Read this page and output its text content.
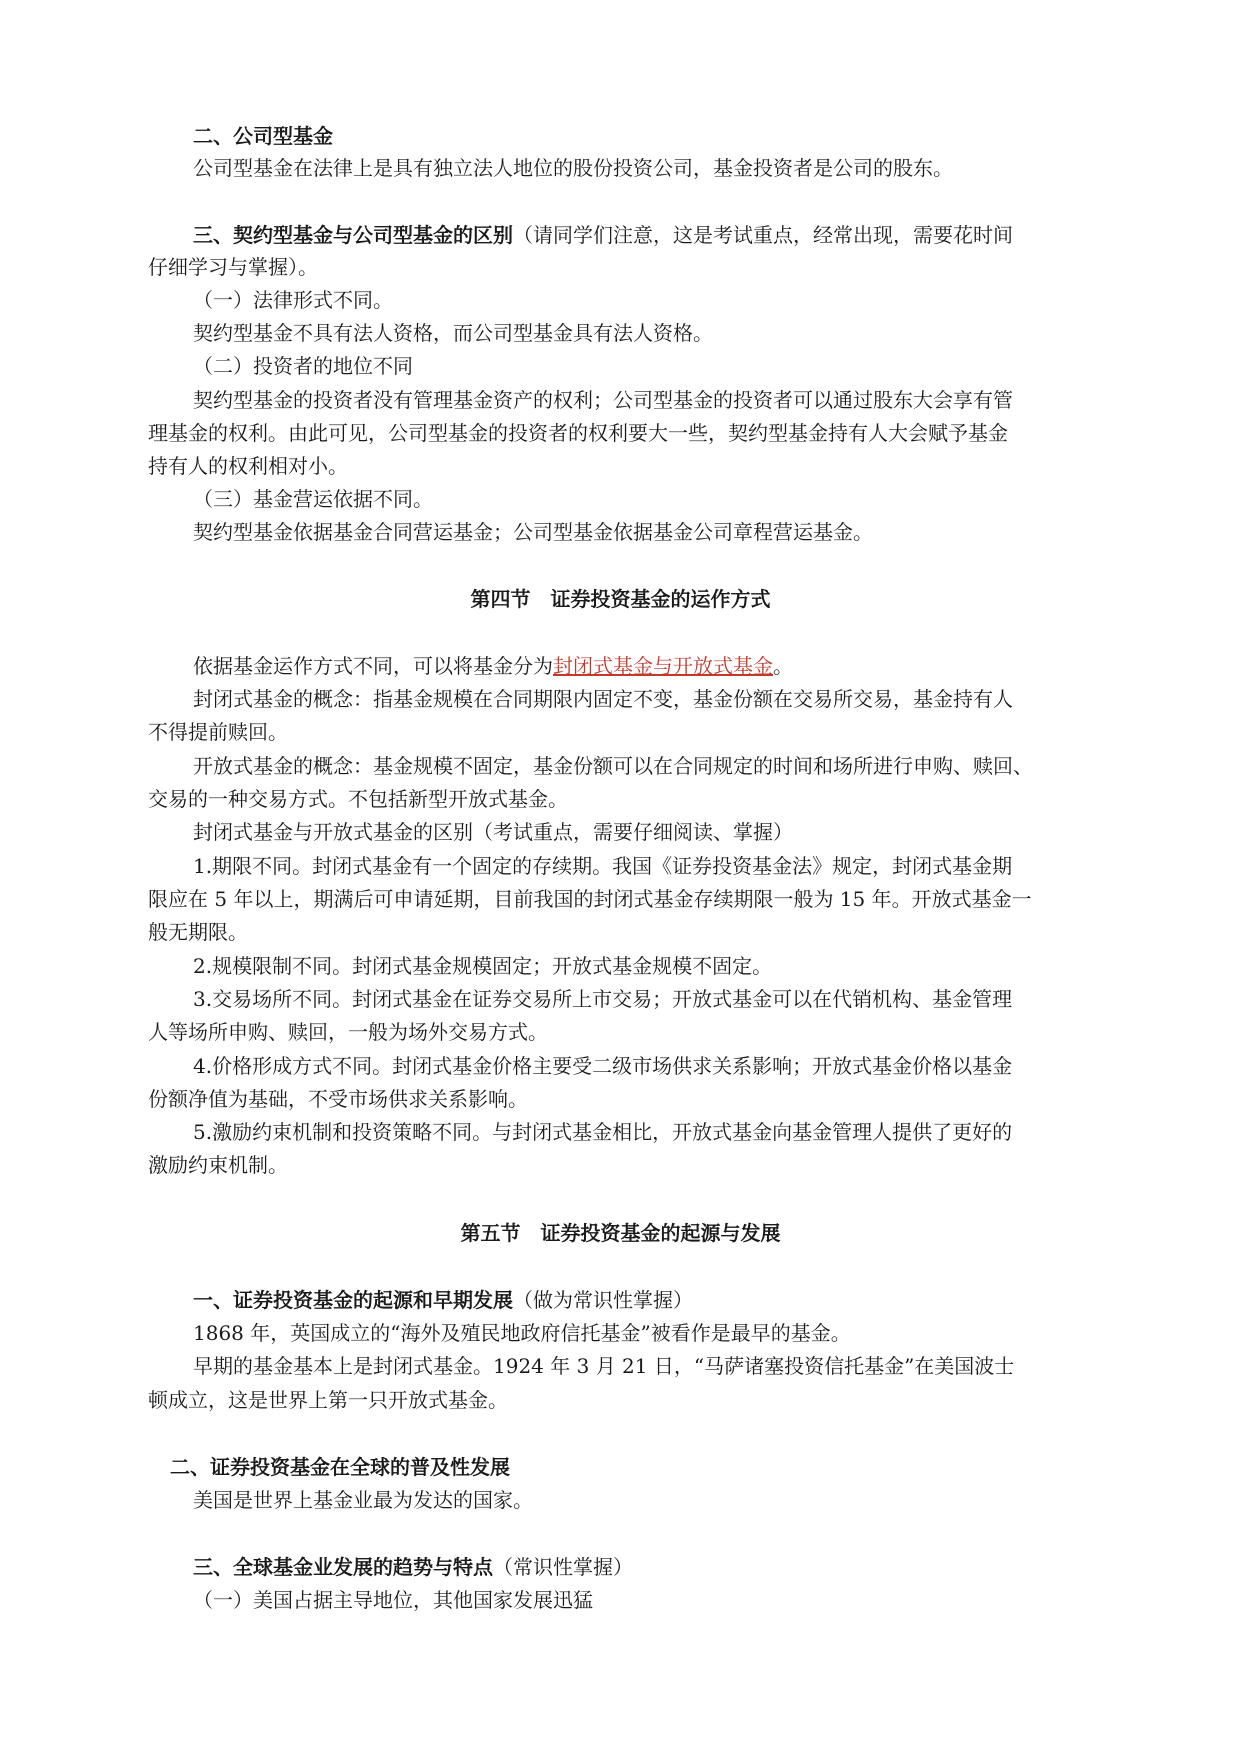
二、公司型基金
公司型基金在法律上是具有独立法人地位的股份投资公司，基金投资者是公司的股东。
三、契约型基金与公司型基金的区别（请同学们注意，这是考试重点，经常出现，需要花时间
仔细学习与掌握）。
（一）法律形式不同。
契约型基金不具有法人资格，而公司型基金具有法人资格。
（二）投资者的地位不同
契约型基金的投资者没有管理基金资产的权利；公司型基金的投资者可以通过股东大会享有管
理基金的权利。由此可见，公司型基金的投资者的权利要大一些，契约型基金持有人大会赋予基金
持有人的权利相对小。
（三）基金营运依据不同。
契约型基金依据基金合同营运基金；公司型基金依据基金公司章程营运基金。
第四节　证券投资基金的运作方式
依据基金运作方式不同，可以将基金分为封闭式基金与开放式基金。
封闭式基金的概念：指基金规模在合同期限内固定不变，基金份额在交易所交易，基金持有人
不得提前赎回。
开放式基金的概念：基金规模不固定，基金份额可以在合同规定的时间和场所进行申购、赎回、
交易的一种交易方式。不包括新型开放式基金。
封闭式基金与开放式基金的区别（考试重点，需要仔细阅读、掌握）
1.期限不同。封闭式基金有一个固定的存续期。我国《证券投资基金法》规定，封闭式基金期
限应在 5 年以上，期满后可申请延期，目前我国的封闭式基金存续期限一般为 15 年。开放式基金一
般无期限。
2.规模限制不同。封闭式基金规模固定；开放式基金规模不固定。
3.交易场所不同。封闭式基金在证券交易所上市交易；开放式基金可以在代销机构、基金管理
人等场所申购、赎回，一般为场外交易方式。
4.价格形成方式不同。封闭式基金价格主要受二级市场供求关系影响；开放式基金价格以基金
份额净值为基础，不受市场供求关系影响。
5.激励约束机制和投资策略不同。与封闭式基金相比，开放式基金向基金管理人提供了更好的
激励约束机制。
第五节　证券投资基金的起源与发展
一、证券投资基金的起源和早期发展（做为常识性掌握）
1868 年，英国成立的“海外及殖民地政府信托基金”被看作是最早的基金。
早期的基金基本上是封闭式基金。1924 年 3 月 21 日，“马萨诸塞投资信托基金”在美国波士
顿成立，这是世界上第一只开放式基金。
二、证券投资基金在全球的普及性发展
美国是世界上基金业最为发达的国家。
三、全球基金业发展的趋势与特点（常识性掌握）
（一）美国占据主导地位，其他国家发展迅猛
